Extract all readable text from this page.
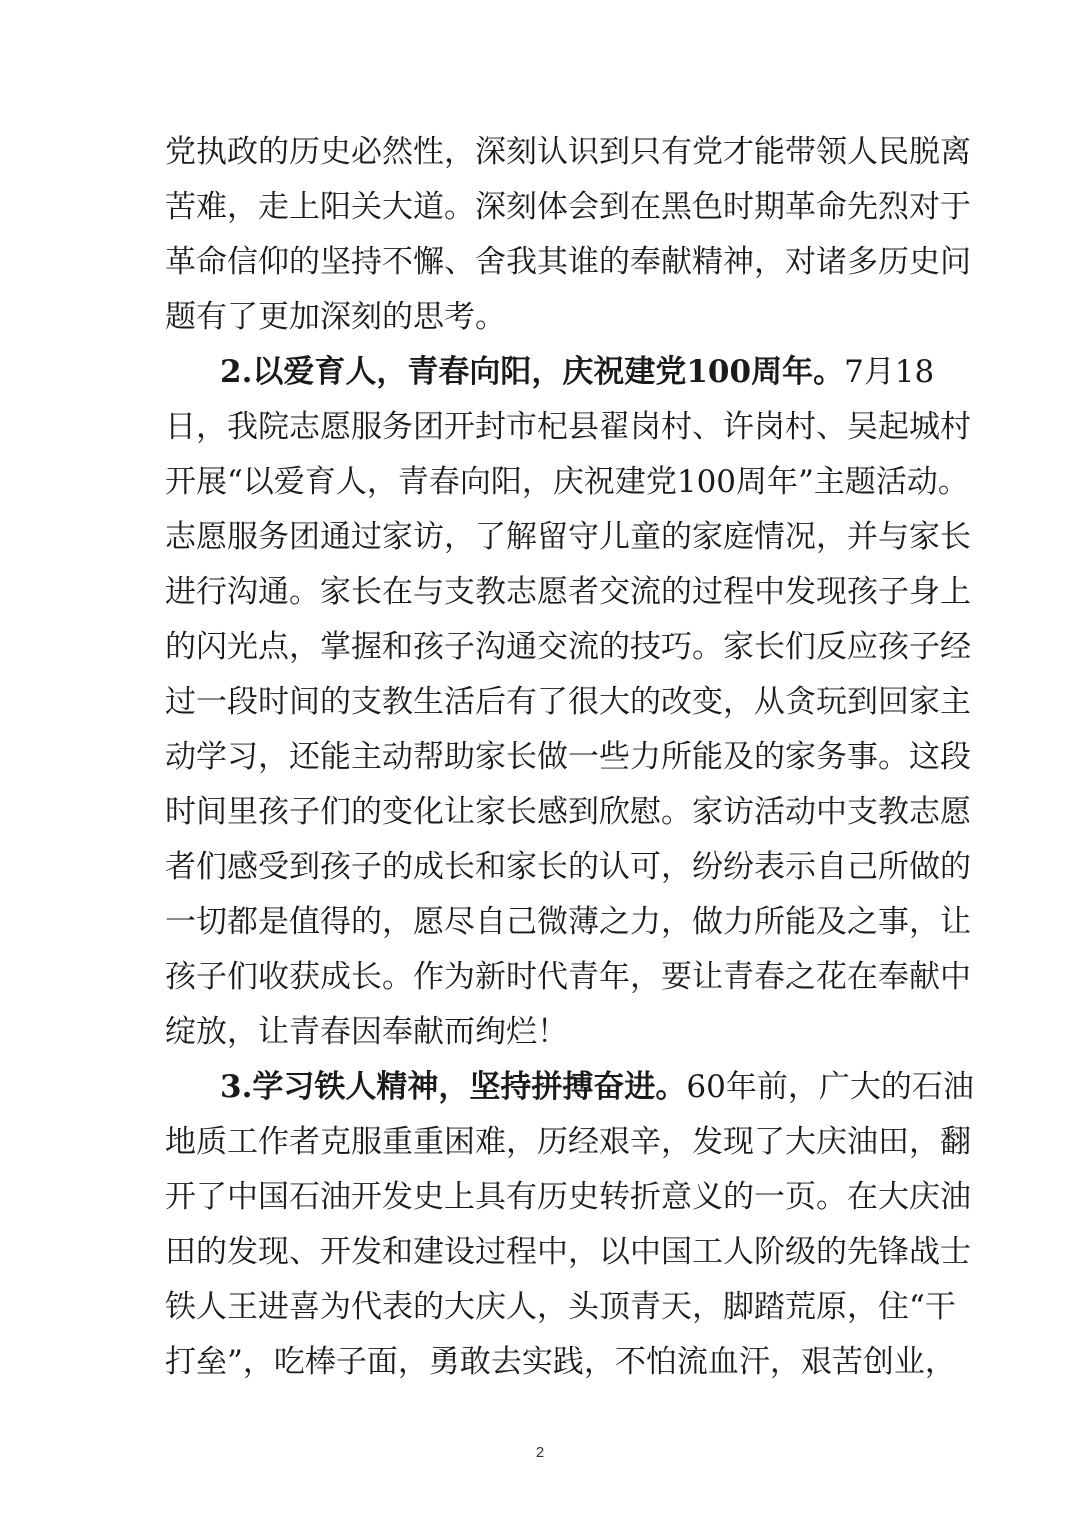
党执政的历史必然性，深刻认识到只有党才能带领人民脱离
苦难，走上阳关大道。深刻体会到在黑色时期革命先烈对于
革命信仰的坚持不懈、舍我其谁的奉献精神，对诸多历史问
题有了更加深刻的思考。
2.以爱育人，青春向阳，庆祝建党100周年。7月18
日，我院志愿服务团开封市杞县翟岗村、许岗村、吴起城村
开展“以爱育人，青春向阳，庆祝建党100周年”主题活动。
志愿服务团通过家访，了解留守儿童的家庭情况，并与家长
进行沟通。家长在与支教志愿者交流的过程中发现孩子身上
的闪光点，掌握和孩子沟通交流的技巧。家长们反应孩子经
过一段时间的支教生活后有了很大的改变，从贪玩到回家主
动学习，还能主动帮助家长做一些力所能及的家务事。这段
时间里孩子们的变化让家长感到欣慰。家访活动中支教志愿
者们感受到孩子的成长和家长的认可，纷纷表示自己所做的
一切都是值得的，愿尽自己微薄之力，做力所能及之事，让
孩子们收获成长。作为新时代青年，要让青春之花在奉献中
绽放，让青春因奉献而绚烂！
3.学习铁人精神，坚持拼搏奋进。60年前，广大的石油
地质工作者克服重重困难，历经艰辛，发现了大庆油田，翻
开了中国石油开发史上具有历史转折意义的一页。在大庆油
田的发现、开发和建设过程中，以中国工人阶级的先锋战士
铁人王进喜为代表的大庆人，头顶青天，脚踏荒原，住“干
打垒”，吃棒子面，勇敢去实践，不怕流血汗，艰苦创业，
2
